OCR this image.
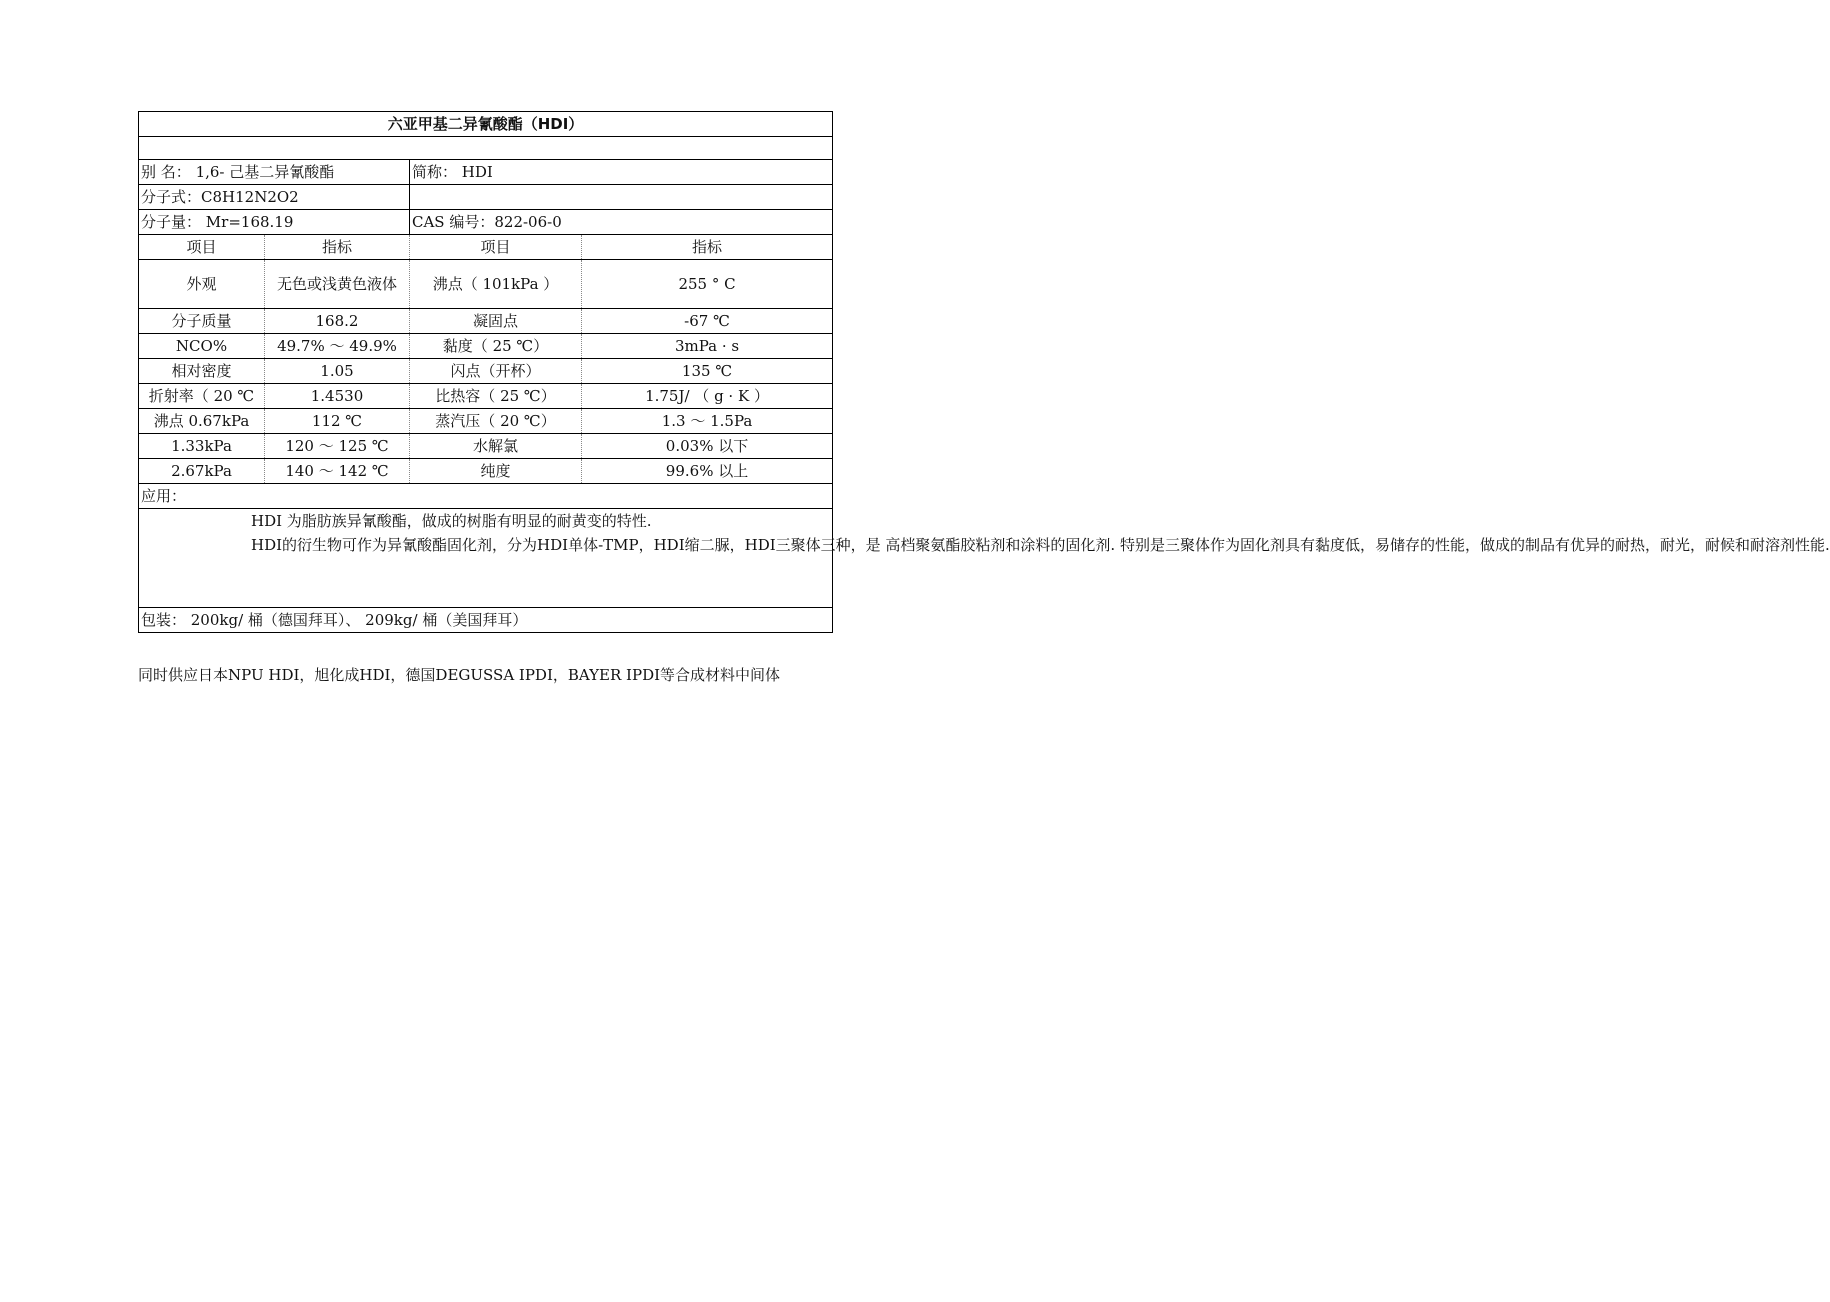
六亚甲基二异氰酸酯（HDI）			

别 名： 1,6- 己基二异氰酸酯		简称： HDI	
分子式：C8H12N2O2			
分子量： Mr=168.19		CAS 编号：822-06-0	
项目	指标	项目	指标
外观	无色或浅黄色液体	沸点（ 101kPa ）	255 ° C
分子质量	168.2	凝固点	-67 ℃
NCO%	49.7% ～ 49.9%	黏度（ 25 ℃）	3mPa · s
相对密度	1.05	闪点（开杯）	135 ℃
折射率（ 20 ℃	1.4530	比热容（ 25 ℃）	1.75J/ （ g · K ）
沸点 0.67kPa	112 ℃	蒸汽压（ 20 ℃）	1.3 ～ 1.5Pa
1.33kPa	120 ～ 125 ℃	水解氯	0.03% 以下
2.67kPa	140 ～ 142 ℃	纯度	99.6% 以上
应用：			

HDI 为脂肪族异氰酸酯，做成的树脂有明显的耐黄变的特性.

HDI的衍生物可作为异氰酸酯固化剂，分为HDI单体-TMP，HDI缩二脲，HDI三聚体三种，是 高档聚氨酯胶粘剂和涂料的固化剂. 特别是三聚体作为固化剂具有黏度低，易储存的性能，做成的制品有优异的耐热，耐光，耐候和耐溶剂性能.			

包装： 200kg/ 桶（德国拜耳）、 209kg/ 桶（美国拜耳）			
同时供应日本NPU HDI，旭化成HDI，德国DEGUSSA IPDI，BAYER IPDI等合成材料中间体
